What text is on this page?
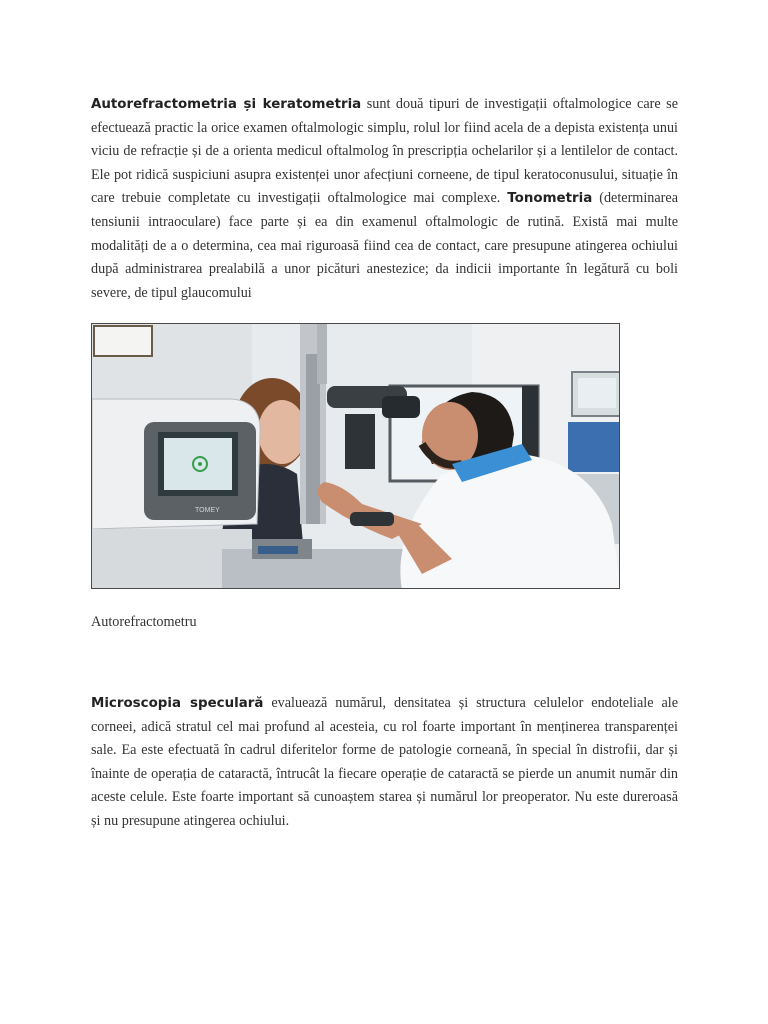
Autorefractometria și keratometria sunt două tipuri de investigații oftalmologice care se efectuează practic la orice examen oftalmologic simplu, rolul lor fiind acela de a depista existența unui viciu de refracție și de a orienta medicul oftalmolog în prescripția ochelarilor și a lentilelor de contact. Ele pot ridică suspiciuni asupra existenței unor afecțiuni corneene, de tipul keratoconusului, situație în care trebuie completate cu investigații oftalmologice mai complexe. Tonometria (determinarea tensiunii intraoculare) face parte și ea din examenul oftalmologic de rutină. Există mai multe modalități de a o determina, cea mai riguroasă fiind cea de contact, care presupune atingerea ochiului după administrarea prealabilă a unor picături anestezice; da indicii importante în legătură cu boli severe, de tipul glaucomului

TOMEY

Autorefractometru

Microscopia speculară evaluează numărul, densitatea și structura celulelor endoteliale ale corneei, adică stratul cel mai profund al acesteia, cu rol foarte important în menținerea transparenței sale. Ea este efectuată în cadrul diferitelor forme de patologie corneană, în special în distrofii, dar și înainte de operația de cataractă, întrucât la fiecare operație de cataractă se pierde un anumit număr din aceste celule. Este foarte important să cunoaștem starea și numărul lor preoperator. Nu este dureroasă și nu presupune atingerea ochiului.
